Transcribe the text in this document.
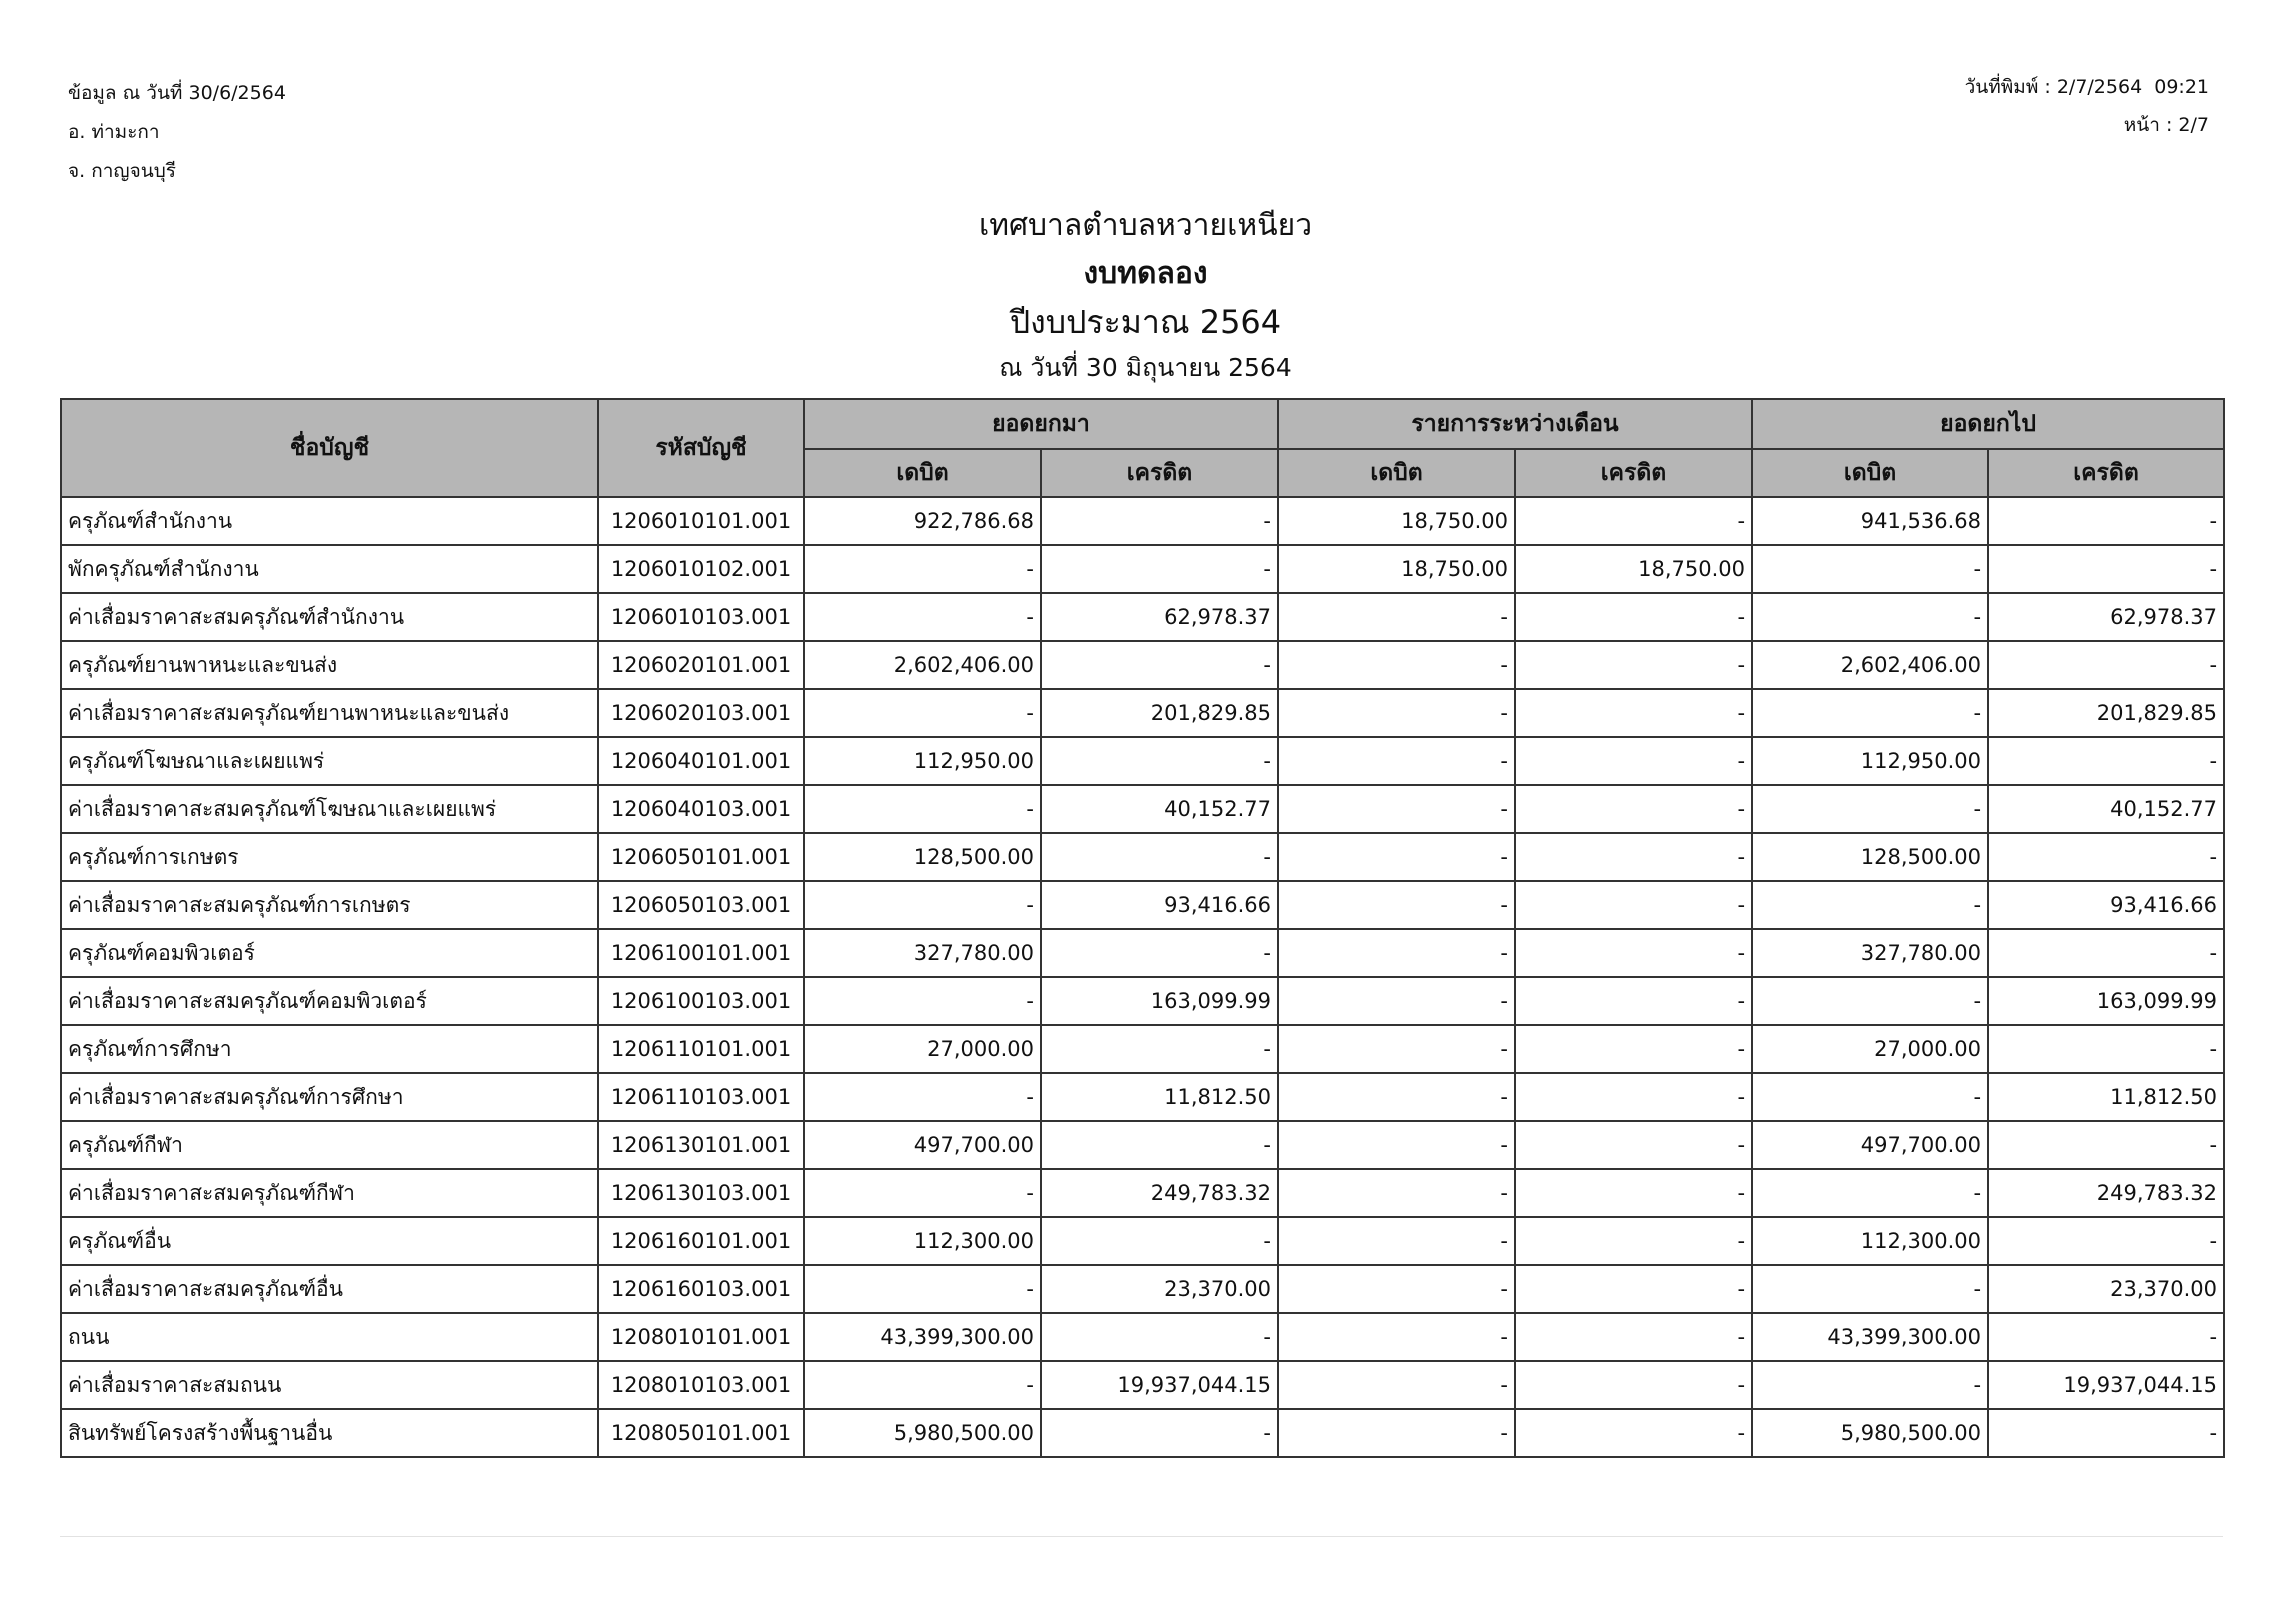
ข้อมูล ณ วันที่ 30/6/2564
อ. ท่ามะกา
จ. กาญจนบุรี
วันที่พิมพ์ : 2/7/2564  09:21
หน้า : 2/7
เทศบาลตำบลหวายเหนียว
งบทดลอง
ปีงบประมาณ 2564
ณ วันที่ 30 มิถุนายน 2564
ชื่อบัญชี	รหัสบัญชี	ยอดยกมา		รายการระหว่างเดือน		ยอดยกไป	
		เดบิต	เครดิต	เดบิต	เครดิต	เดบิต	เครดิต
ครุภัณฑ์สำนักงาน	1206010101.001	922,786.68	-	18,750.00	-	941,536.68	-
พักครุภัณฑ์สำนักงาน	1206010102.001	-	-	18,750.00	18,750.00	-	-
ค่าเสื่อมราคาสะสมครุภัณฑ์สำนักงาน	1206010103.001	-	62,978.37	-	-	-	62,978.37
ครุภัณฑ์ยานพาหนะและขนส่ง	1206020101.001	2,602,406.00	-	-	-	2,602,406.00	-
ค่าเสื่อมราคาสะสมครุภัณฑ์ยานพาหนะและขนส่ง	1206020103.001	-	201,829.85	-	-	-	201,829.85
ครุภัณฑ์โฆษณาและเผยแพร่	1206040101.001	112,950.00	-	-	-	112,950.00	-
ค่าเสื่อมราคาสะสมครุภัณฑ์โฆษณาและเผยแพร่	1206040103.001	-	40,152.77	-	-	-	40,152.77
ครุภัณฑ์การเกษตร	1206050101.001	128,500.00	-	-	-	128,500.00	-
ค่าเสื่อมราคาสะสมครุภัณฑ์การเกษตร	1206050103.001	-	93,416.66	-	-	-	93,416.66
ครุภัณฑ์คอมพิวเตอร์	1206100101.001	327,780.00	-	-	-	327,780.00	-
ค่าเสื่อมราคาสะสมครุภัณฑ์คอมพิวเตอร์	1206100103.001	-	163,099.99	-	-	-	163,099.99
ครุภัณฑ์การศึกษา	1206110101.001	27,000.00	-	-	-	27,000.00	-
ค่าเสื่อมราคาสะสมครุภัณฑ์การศึกษา	1206110103.001	-	11,812.50	-	-	-	11,812.50
ครุภัณฑ์กีฬา	1206130101.001	497,700.00	-	-	-	497,700.00	-
ค่าเสื่อมราคาสะสมครุภัณฑ์กีฬา	1206130103.001	-	249,783.32	-	-	-	249,783.32
ครุภัณฑ์อื่น	1206160101.001	112,300.00	-	-	-	112,300.00	-
ค่าเสื่อมราคาสะสมครุภัณฑ์อื่น	1206160103.001	-	23,370.00	-	-	-	23,370.00
ถนน	1208010101.001	43,399,300.00	-	-	-	43,399,300.00	-
ค่าเสื่อมราคาสะสมถนน	1208010103.001	-	19,937,044.15	-	-	-	19,937,044.15
สินทรัพย์โครงสร้างพื้นฐานอื่น	1208050101.001	5,980,500.00	-	-	-	5,980,500.00	-
